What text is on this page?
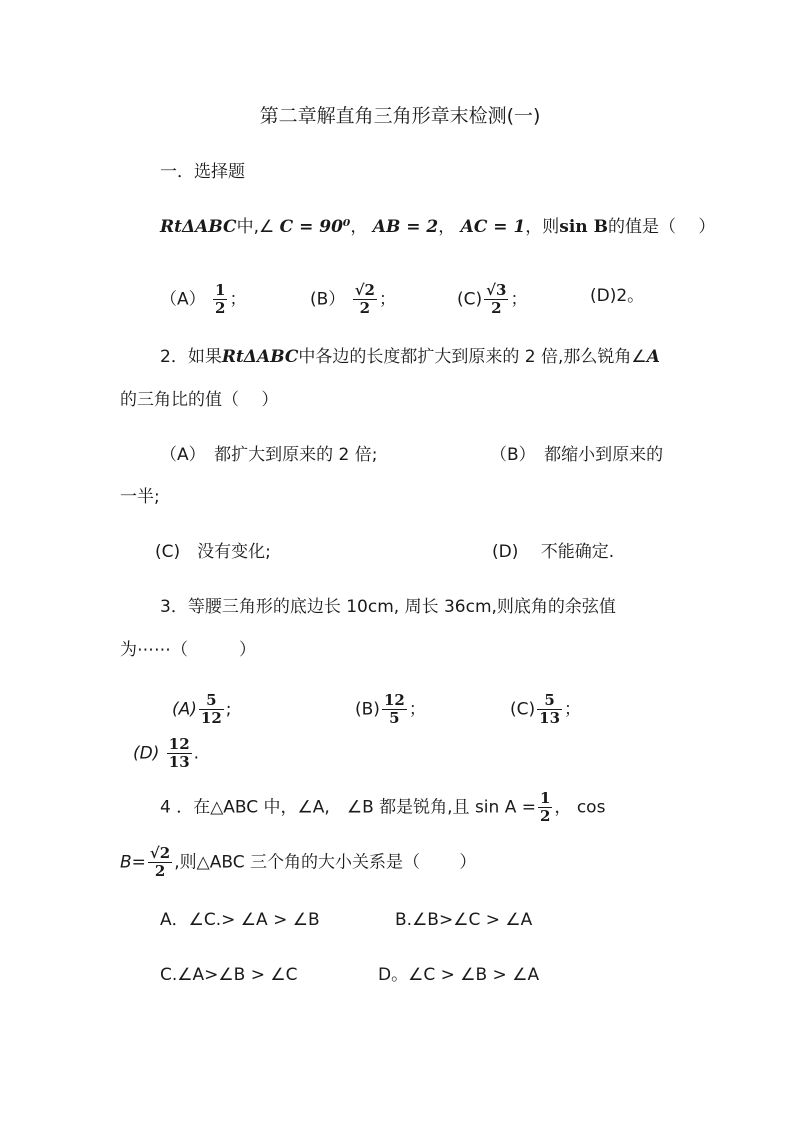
第二章解直角三角形章末检测(一)
一．选择题
RtΔABC中,∠ C = 90⁰， AB = 2， AC = 1，则sin B的值是（　 ）
$(A) \frac{1}{2}$ ；	$(B) \frac{√2}{2}$ ；	$(C) \frac{√3}{2}$ ；	(D)2。
2．如果RtΔABC中各边的长度都扩大到原来的 2 倍,那么锐角∠A
的三角比的值（　 ）
（A）　都扩大到原来的 2 倍;	（B）　都缩小到原来的
一半;
(C)　没有变化;	(D)　 不能确定.
3．等腰三角形的底边长 10cm, 周长 36cm,则底角的余弦值
为⋯⋯（　　　）
$(A) \frac{5}{12}$ ;	$(B) \frac{12}{5}$ ；	$(C) \frac{5}{13}$ ；
$(D) \frac{12}{13}$ .
4 ．在△ABC 中，∠A,　∠B 都是锐角,且 $\sin A = \frac{1}{2}$ ， cos
$B= \frac{√2}{2}$ ,则△ABC 三个角的大小关系是（　　 ）
A．∠C.> ∠A > ∠B	B.∠B>∠C > ∠A
C.∠A>∠B > ∠C	D。∠C > ∠B > ∠A
